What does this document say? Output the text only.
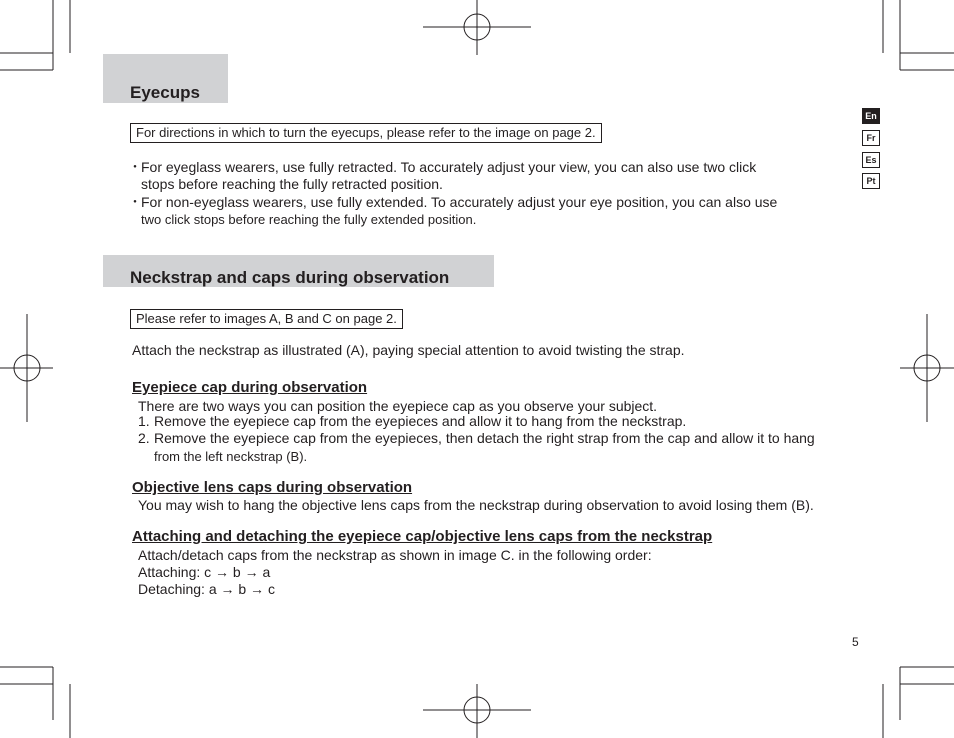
En
Fr
Es
Pt
Eyecups
For directions in which to turn the eyecups, please refer to the image on page 2.
・ For eyeglass wearers, use fully retracted. To accurately adjust your view, you can also use two click
stops before reaching the fully retracted position.
・ For non-eyeglass wearers, use fully extended. To accurately adjust your eye position, you can also use
two click stops before reaching the fully extended position.
Neckstrap and caps during observation
Please refer to images A, B and C on page 2.
Attach the neckstrap as illustrated (A), paying special attention to avoid twisting the strap.
Eyepiece cap during observation
There are two ways you can position the eyepiece cap as you observe your subject.
1. Remove the eyepiece cap from the eyepieces and allow it to hang from the neckstrap.
2. Remove the eyepiece cap from the eyepieces, then detach the right strap from the cap and allow it to hang
from the left neckstrap (B).
Objective lens caps during observation
You may wish to hang the objective lens caps from the neckstrap during observation to avoid losing them (B).
Attaching and detaching the eyepiece cap/objective lens caps from the neckstrap
Attach/detach caps from the neckstrap as shown in image C. in the following order:
Attaching: c → b → a
Detaching: a → b → c
5
